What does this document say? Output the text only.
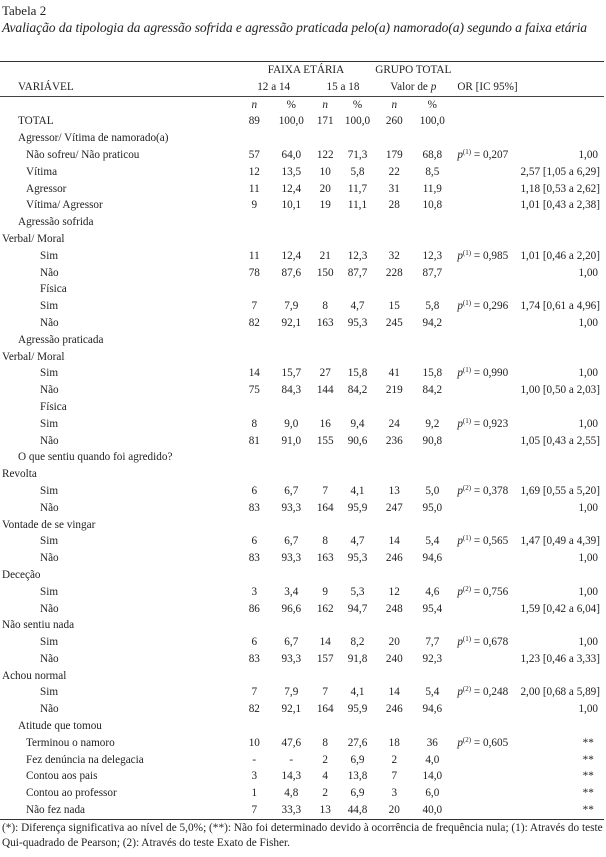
Tabela 2
Avaliação da tipologia da agressão sofrida e agressão praticada pelo(a) namorado(a) segundo a faixa etária
	FAIXA ETÁRIA				GRUPO TOTAL			
VARIÁVEL	12 a 14		15 a 18		Valor de p		OR [IC 95%]	
	n	%	n	%	n	%		
TOTAL	89	100,0	171	100,0	260	100,0		
Agressor/ Vítima de namorado(a)								
Não sofreu/ Não praticou	57	64,0	122	71,3	179	68,8	$p^{(1)} = 0,207$	1,00
Vítima	12	13,5	10	5,8	22	8,5		2,57 [1,05 a 6,29]
Agressor	11	12,4	20	11,7	31	11,9		1,18 [0,53 a 2,62]
Vítima/ Agressor	9	10,1	19	11,1	28	10,8		1,01 [0,43 a 2,38]
Agressão sofrida								
Verbal/ Moral								
Sim	11	12,4	21	12,3	32	12,3	$p^{(1)} = 0,985$	1,01 [0,46 a 2,20]
Não	78	87,6	150	87,7	228	87,7		1,00
Física								
Sim	7	7,9	8	4,7	15	5,8	$p^{(1)} = 0,296$	1,74 [0,61 a 4,96]
Não	82	92,1	163	95,3	245	94,2		1,00
Agressão praticada								
Verbal/ Moral								
Sim	14	15,7	27	15,8	41	15,8	$p^{(1)} = 0,990$	1,00
Não	75	84,3	144	84,2	219	84,2		1,00 [0,50 a 2,03]
Física								
Sim	8	9,0	16	9,4	24	9,2	$p^{(1)} = 0,923$	1,00
Não	81	91,0	155	90,6	236	90,8		1,05 [0,43 a 2,55]
O que sentiu quando foi agredido?								
Revolta								
Sim	6	6,7	7	4,1	13	5,0	$p^{(2)} = 0,378$	1,69 [0,55 a 5,20]
Não	83	93,3	164	95,9	247	95,0		1,00
Vontade de se vingar								
Sim	6	6,7	8	4,7	14	5,4	$p^{(1)} = 0,565$	1,47 [0,49 a 4,39]
Não	83	93,3	163	95,3	246	94,6		1,00
Deceção								
Sim	3	3,4	9	5,3	12	4,6	$p^{(2)} = 0,756$	1,00
Não	86	96,6	162	94,7	248	95,4		1,59 [0,42 a 6,04]
Não sentiu nada								
Sim	6	6,7	14	8,2	20	7,7	$p^{(1)} = 0,678$	1,00
Não	83	93,3	157	91,8	240	92,3		1,23 [0,46 a 3,33]
Achou normal								
Sim	7	7,9	7	4,1	14	5,4	$p^{(2)} = 0,248$	2,00 [0,68 a 5,89]
Não	82	92,1	164	95,9	246	94,6		1,00
Atitude que tomou								
Terminou o namoro	10	47,6	8	27,6	18	36	$p^{(2)} = 0,605$	**
Fez denúncia na delegacia	-	-	2	6,9	2	4,0		**
Contou aos pais	3	14,3	4	13,8	7	14,0		**
Contou ao professor	1	4,8	2	6,9	3	6,0		**
Não fez nada	7	33,3	13	44,8	20	40,0		**
(*): Diferença significativa ao nível de 5,0%; (**): Não foi determinado devido à ocorrência de frequência nula; (1): Através do teste Qui-quadrado de Pearson; (2): Através do teste Exato de Fisher.
